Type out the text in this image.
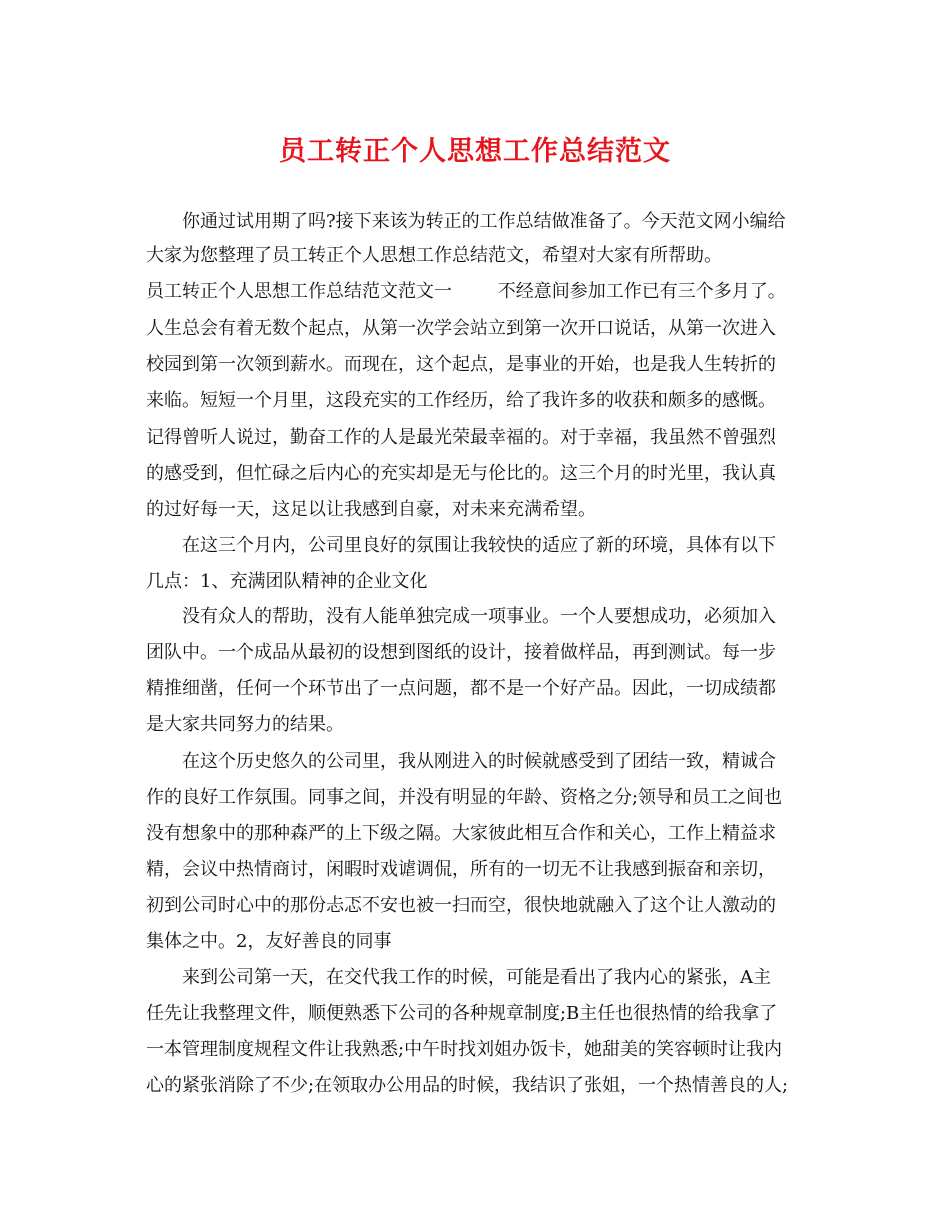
员工转正个人思想工作总结范文
你通过试用期了吗?接下来该为转正的工作总结做准备了。今天范文网小编给
大家为您整理了员工转正个人思想工作总结范文，希望对大家有所帮助。
员工转正个人思想工作总结范文范文一        不经意间参加工作已有三个多月了。
人生总会有着无数个起点，从第一次学会站立到第一次开口说话，从第一次进入
校园到第一次领到薪水。而现在，这个起点，是事业的开始，也是我人生转折的
来临。短短一个月里，这段充实的工作经历，给了我许多的收获和颇多的感慨。
记得曾听人说过，勤奋工作的人是最光荣最幸福的。对于幸福，我虽然不曾强烈
的感受到，但忙碌之后内心的充实却是无与伦比的。这三个月的时光里，我认真
的过好每一天，这足以让我感到自豪，对未来充满希望。
在这三个月内，公司里良好的氛围让我较快的适应了新的环境，具体有以下
几点：1、充满团队精神的企业文化
没有众人的帮助，没有人能单独完成一项事业。一个人要想成功，必须加入
团队中。一个成品从最初的设想到图纸的设计，接着做样品，再到测试。每一步
精推细凿，任何一个环节出了一点问题，都不是一个好产品。因此，一切成绩都
是大家共同努力的结果。
在这个历史悠久的公司里，我从刚进入的时候就感受到了团结一致，精诚合
作的良好工作氛围。同事之间，并没有明显的年龄、资格之分;领导和员工之间也
没有想象中的那种森严的上下级之隔。大家彼此相互合作和关心，工作上精益求
精，会议中热情商讨，闲暇时戏谑调侃，所有的一切无不让我感到振奋和亲切，
初到公司时心中的那份忐忑不安也被一扫而空，很快地就融入了这个让人激动的
集体之中。2，友好善良的同事
来到公司第一天，在交代我工作的时候，可能是看出了我内心的紧张，A主
任先让我整理文件，顺便熟悉下公司的各种规章制度;B主任也很热情的给我拿了
一本管理制度规程文件让我熟悉;中午时找刘姐办饭卡，她甜美的笑容顿时让我内
心的紧张消除了不少;在领取办公用品的时候，我结识了张姐，一个热情善良的人;
